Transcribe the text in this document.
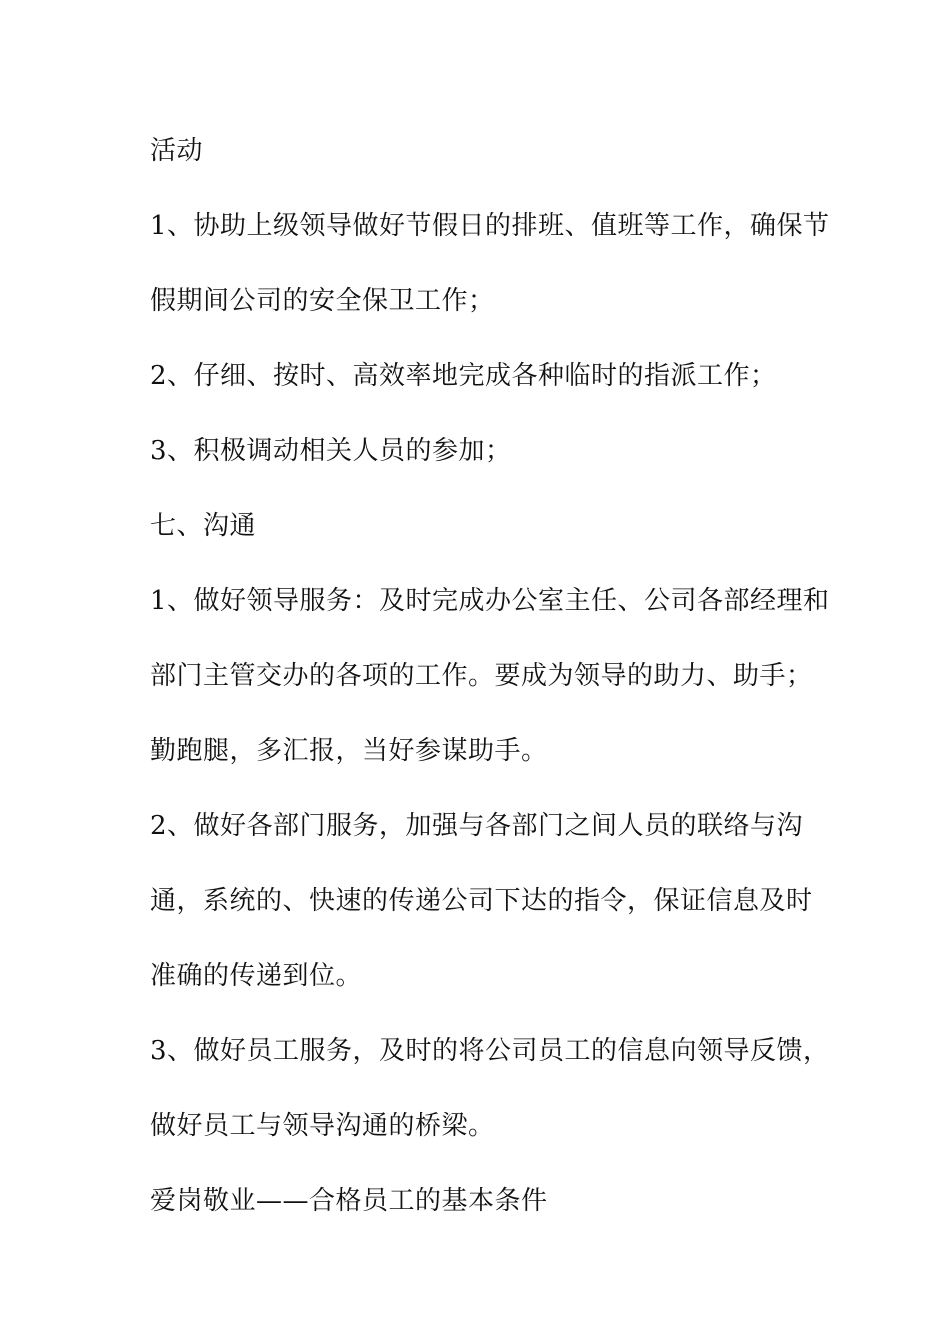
活动

1、协助上级领导做好节假日的排班、值班等工作，确保节

假期间公司的安全保卫工作；

2、仔细、按时、高效率地完成各种临时的指派工作；

3、积极调动相关人员的参加；

七、沟通

1、做好领导服务：及时完成办公室主任、公司各部经理和

部门主管交办的各项的工作。要成为领导的助力、助手；

勤跑腿，多汇报，当好参谋助手。

2、做好各部门服务，加强与各部门之间人员的联络与沟

通，系统的、快速的传递公司下达的指令，保证信息及时

准确的传递到位。

3、做好员工服务，及时的将公司员工的信息向领导反馈，

做好员工与领导沟通的桥梁。

爱岗敬业——合格员工的基本条件
